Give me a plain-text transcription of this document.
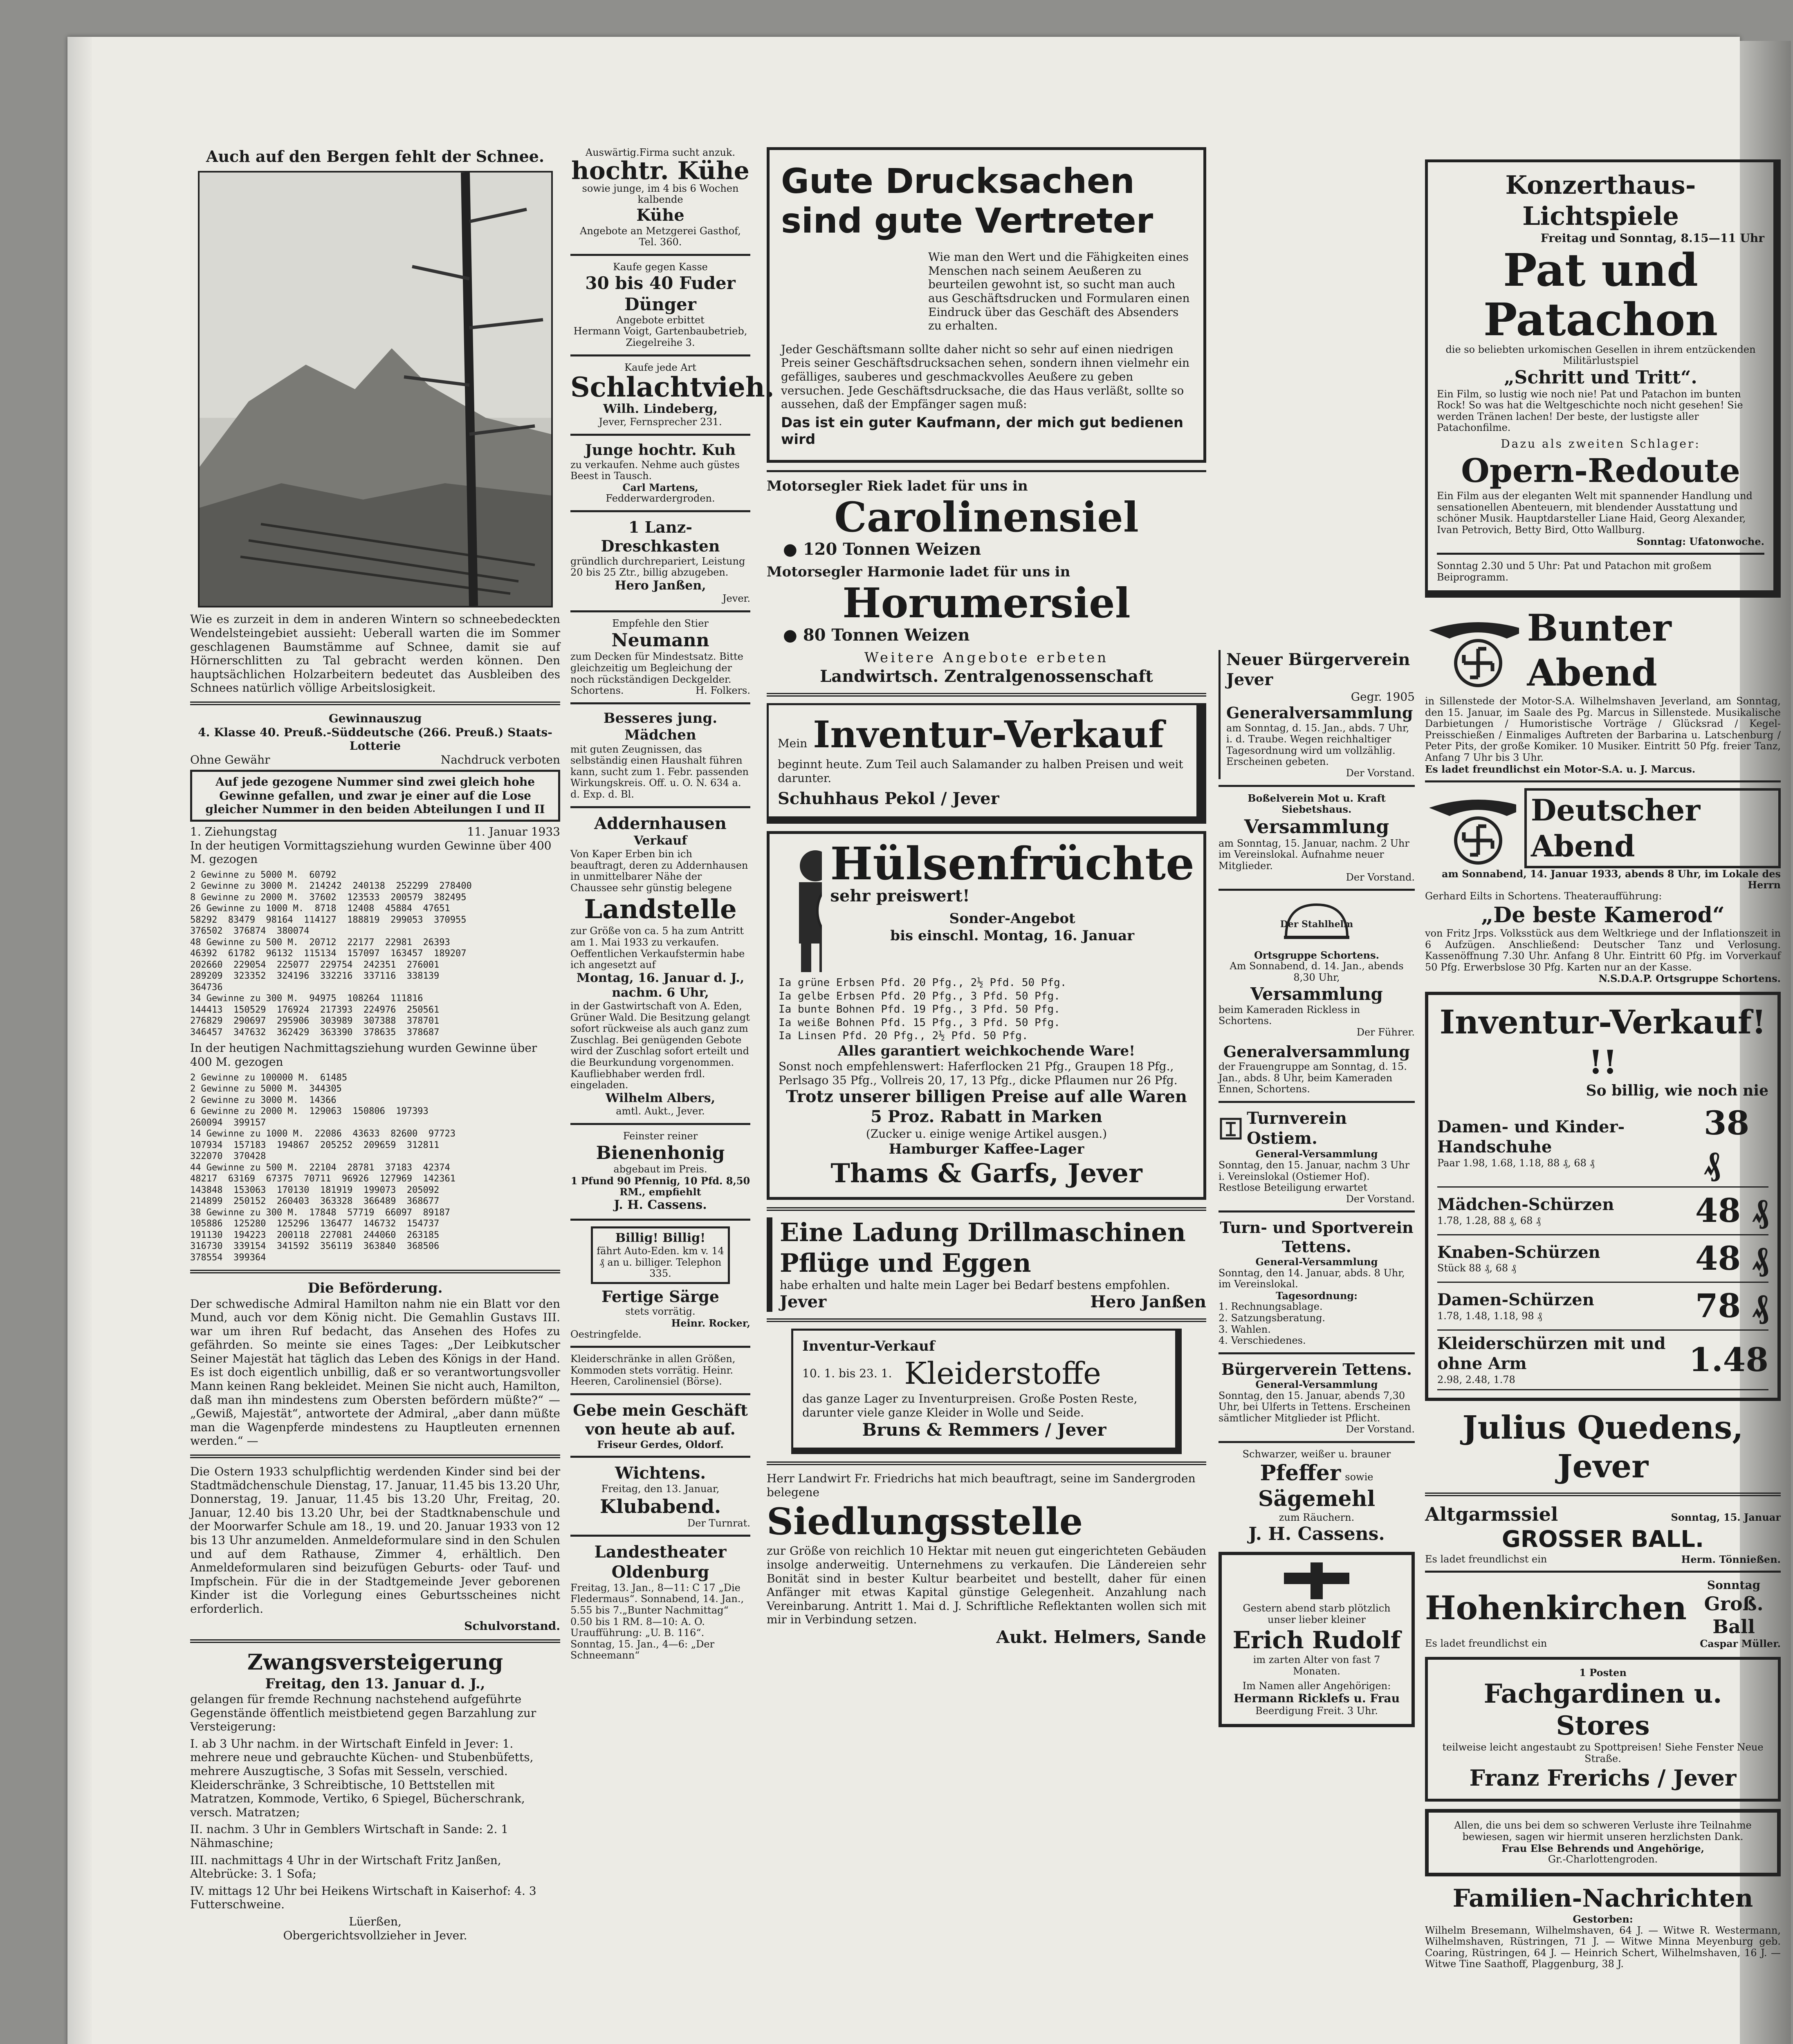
Auch auf den Bergen fehlt der Schnee.

Wie es zurzeit in dem in anderen Wintern so schneebedeckten Wendelsteingebiet aussieht: Ueberall warten die im Sommer geschlagenen Baumstämme auf Schnee, damit sie auf Hörnerschlitten zu Tal gebracht werden können. Den hauptsächlichen Holzarbeitern bedeutet das Ausbleiben des Schnees natürlich völlige Arbeitslosigkeit.

Gewinnauszug
4. Klasse 40. Preuß.-Süddeutsche (266. Preuß.) Staats-Lotterie
Ohne Gewähr	Nachdruck verboten
Auf jede gezogene Nummer sind zwei gleich hohe Gewinne gefallen, und zwar je einer auf die Lose gleicher Nummer in den beiden Abteilungen I und II
1. Ziehungstag	11. Januar 1933

In der heutigen Vormittagsziehung wurden Gewinne über 400 M. gezogen

2 Gewinne zu 5000 M.  60792
2 Gewinne zu 3000 M.  214242  240138  252299  278400
8 Gewinne zu 2000 M.  37602  123533  200579  382495
26 Gewinne zu 1000 M.  8718  12408  45884  47651
58292  83479  98164  114127  188819  299053  370955
376502  376874  380074
48 Gewinne zu 500 M.  20712  22177  22981  26393
46392  61782  96132  115134  157097  163457  189207
202660  229054  225077  229754  242351  276001
289209  323352  324196  332216  337116  338139
364736
34 Gewinne zu 300 M.  94975  108264  111816
144413  150529  176924  217393  224976  250561
276829  290697  295906  303989  307388  378701
346457  347632  362429  363390  378635  378687

In der heutigen Nachmittagsziehung wurden Gewinne über 400 M. gezogen

2 Gewinne zu 100000 M.  61485
2 Gewinne zu 5000 M.  344305
2 Gewinne zu 3000 M.  14366
6 Gewinne zu 2000 M.  129063  150806  197393
260094  399157
14 Gewinne zu 1000 M.  22086  43633  82600  97723
107934  157183  194867  205252  209659  312811
322070  370428
44 Gewinne zu 500 M.  22104  28781  37183  42374
48217  63169  67375  70711  96926  127969  142361
143848  153063  170130  181919  199073  205092
214899  250152  260403  363328  366489  368677
38 Gewinne zu 300 M.  17848  57719  66097  89187
105886  125280  125296  136477  146732  154737
191130  194223  200118  227081  244060  263185
316730  339154  341592  356119  363840  368506
378554  399364
Die Beförderung.

Der schwedische Admiral Hamilton nahm nie ein Blatt vor den Mund, auch vor dem König nicht. Die Gemahlin Gustavs III. war um ihren Ruf bedacht, das Ansehen des Hofes zu gefährden. So meinte sie eines Tages: „Der Leibkutscher Seiner Majestät hat täglich das Leben des Königs in der Hand. Es ist doch eigentlich unbillig, daß er so verantwortungsvoller Mann keinen Rang bekleidet. Meinen Sie nicht auch, Hamilton, daß man ihn mindestens zum Obersten befördern müßte?“ — „Gewiß, Majestät“, antwortete der Admiral, „aber dann müßte man die Wagenpferde mindestens zu Hauptleuten ernennen werden.“ —

Die Ostern 1933 schulpflichtig werdenden Kinder sind bei der Stadtmädchenschule Dienstag, 17. Januar, 11.45 bis 13.20 Uhr, Donnerstag, 19. Januar, 11.45 bis 13.20 Uhr, Freitag, 20. Januar, 12.40 bis 13.20 Uhr, bei der Stadtknabenschule und der Moorwarfer Schule am 18., 19. und 20. Januar 1933 von 12 bis 13 Uhr anzumelden. Anmeldeformulare sind in den Schulen und auf dem Rathause, Zimmer 4, erhältlich. Den Anmeldeformularen sind beizufügen Geburts- oder Tauf- und Impfschein. Für die in der Stadtgemeinde Jever geborenen Kinder ist die Vorlegung eines Geburtsscheines nicht erforderlich.

Schulvorstand.
Zwangsversteigerung
Freitag, den 13. Januar d. J.,

gelangen für fremde Rechnung nachstehend aufgeführte Gegenstände öffentlich meistbietend gegen Barzahlung zur Versteigerung:

I. ab 3 Uhr nachm. in der Wirtschaft Einfeld in Jever: 1. mehrere neue und gebrauchte Küchen- und Stubenbüfetts, mehrere Auszugtische, 3 Sofas mit Sesseln, verschied. Kleiderschränke, 3 Schreibtische, 10 Bettstellen mit Matratzen, Kommode, Vertiko, 6 Spiegel, Bücherschrank, versch. Matratzen;

II. nachm. 3 Uhr in Gemblers Wirtschaft in Sande: 2. 1 Nähmaschine;

III. nachmittags 4 Uhr in der Wirtschaft Fritz Janßen, Altebrücke: 3. 1 Sofa;

IV. mittags 12 Uhr bei Heikens Wirtschaft in Kaiserhof: 4. 3 Futterschweine.

Lüerßen,
Obergerichtsvollzieher in Jever.
Auswärtig.Firma sucht anzuk.
hochtr. Kühe
sowie junge, im 4 bis 6 Wochen kalbende
Kühe
Angebote an Metzgerei Gasthof, Tel. 360.
Kaufe gegen Kasse
30 bis 40 Fuder Dünger
Angebote erbittet
Hermann Voigt, Gartenbaubetrieb, Ziegelreihe 3.
Kaufe jede Art
Schlachtvieh.
Wilh. Lindeberg,
Jever, Fernsprecher 231.
Junge hochtr. Kuh
zu verkaufen. Nehme auch güstes Beest in Tausch.
Carl Martens,
Fedderwardergroden.
1 Lanz-Dreschkasten
gründlich durchrepariert, Leistung 20 bis 25 Ztr., billig abzugeben.
Hero Janßen,
Jever.
Empfehle den Stier
Neumann
zum Decken für Mindestsatz. Bitte gleichzeitig um Begleichung der noch rückständigen Deckgelder.
Schortens.	H. Folkers.
Besseres jung. Mädchen
mit guten Zeugnissen, das selbständig einen Haushalt führen kann, sucht zum 1. Febr. passenden Wirkungskreis. Off. u. O. N. 634 a. d. Exp. d. Bl.
Addernhausen
Verkauf
Von Kaper Erben bin ich beauftragt, deren zu Addernhausen in unmittelbarer Nähe der Chaussee sehr günstig belegene
Landstelle
zur Größe von ca. 5 ha zum Antritt am 1. Mai 1933 zu verkaufen. Oeffentlichen Verkaufstermin habe ich angesetzt auf
Montag, 16. Januar d. J., nachm. 6 Uhr,
in der Gastwirtschaft von A. Eden, Grüner Wald. Die Besitzung gelangt sofort rückweise als auch ganz zum Zuschlag. Bei genügenden Gebote wird der Zuschlag sofort erteilt und die Beurkundung vorgenommen. Kaufliebhaber werden frdl. eingeladen.
Wilhelm Albers,
amtl. Aukt., Jever.
Feinster reiner
Bienenhonig
abgebaut im Preis.
1 Pfund 90 Pfennig, 10 Pfd. 8,50 RM., empfiehlt
J. H. Cassens.
Billig! Billig!
fährt Auto-Eden. km v. 14 ₰ an u. billiger. Telephon 335.
Fertige Särge
stets vorrätig.
Heinr. Rocker,
Oestringfelde.
Kleiderschränke in allen Größen, Kommoden stets vorrätig. Heinr. Heeren, Carolinensiel (Börse).
Gebe mein Geschäft von heute ab auf.
Friseur Gerdes, Oldorf.
Wichtens.
Freitag, den 13. Januar,
Klubabend.
Der Turnrat.
Landestheater Oldenburg
Freitag, 13. Jan., 8—11: C 17 „Die Fledermaus“. Sonnabend, 14. Jan., 5.55 bis 7.„Bunter Nachmittag“ 0.50 bis 1 RM. 8—10: A. O. Uraufführung: „U. B. 116“. Sonntag, 15. Jan., 4—6: „Der Schneemann“
Gute Drucksachen sind gute Vertreter

Wie man den Wert und die Fähigkeiten eines Menschen nach seinem Aeußeren zu beurteilen gewohnt ist, so sucht man auch aus Geschäftsdrucken und Formularen einen Eindruck über das Geschäft des Absenders zu erhalten.

Jeder Geschäftsmann sollte daher nicht so sehr auf einen niedrigen Preis seiner Geschäftsdrucksachen sehen, sondern ihnen vielmehr ein gefälliges, sauberes und geschmackvolles Aeußere zu geben versuchen. Jede Geschäftsdrucksache, die das Haus verläßt, sollte so aussehen, daß der Empfänger sagen muß:

Das ist ein guter Kaufmann, der mich gut bedienen wird
Motorsegler Riek ladet für uns in
Carolinensiel
● 120 Tonnen Weizen
Motorsegler Harmonie ladet für uns in
Horumersiel
● 80 Tonnen Weizen
Weitere Angebote erbeten
Landwirtsch. Zentralgenossenschaft
Mein Inventur-Verkauf
beginnt heute. Zum Teil auch Salamander zu halben Preisen und weit darunter.
Schuhhaus Pekol / Jever
Hülsenfrüchte
sehr preiswert!
Sonder-Angebot
bis einschl. Montag, 16. Januar
Ia grüne Erbsen Pfd. 20 Pfg., 2½ Pfd. 50 Pfg.
Ia gelbe Erbsen Pfd. 20 Pfg., 3 Pfd. 50 Pfg.
Ia bunte Bohnen Pfd. 19 Pfg., 3 Pfd. 50 Pfg.
Ia weiße Bohnen Pfd. 15 Pfg., 3 Pfd. 50 Pfg.
Ia Linsen Pfd. 20 Pfg., 2½ Pfd. 50 Pfg.
Alles garantiert weichkochende Ware!
Sonst noch empfehlenswert: Haferflocken 21 Pfg., Graupen 18 Pfg., Perlsago 35 Pfg., Vollreis 20, 17, 13 Pfg., dicke Pflaumen nur 26 Pfg.
Trotz unserer billigen Preise auf alle Waren 5 Proz. Rabatt in Marken
(Zucker u. einige wenige Artikel ausgen.)
Hamburger Kaffee-Lager
Thams & Garfs, Jever
Eine Ladung Drillmaschinen Pflüge und Eggen
habe erhalten und halte mein Lager bei Bedarf bestens empfohlen.
Jever	Hero Janßen
Inventur-Verkauf
10. 1. bis 23. 1. Kleiderstoffe
das ganze Lager zu Inventurpreisen. Große Posten Reste, darunter viele ganze Kleider in Wolle und Seide.
Bruns & Remmers / Jever
Herr Landwirt Fr. Friedrichs hat mich beauftragt, seine im Sandergroden belegene
Siedlungsstelle
zur Größe von reichlich 10 Hektar mit neuen gut eingerichteten Gebäuden insolge anderweitig. Unternehmens zu verkaufen. Die Ländereien sehr Bonität sind in bester Kultur bearbeitet und bestellt, daher für einen Anfänger mit etwas Kapital günstige Gelegenheit. Anzahlung nach Vereinbarung. Antritt 1. Mai d. J. Schriftliche Reflektanten wollen sich mit mir in Verbindung setzen.
Aukt. Helmers, Sande
Neuer Bürgerverein Jever
Gegr. 1905
Generalversammlung
am Sonntag, d. 15. Jan., abds. 7 Uhr, i. d. Traube. Wegen reichhaltiger Tagesordnung wird um vollzählig. Erscheinen gebeten.
Der Vorstand.
Boßelverein Mot u. Kraft Siebetshaus.
Versammlung
am Sonntag, 15. Januar, nachm. 2 Uhr im Vereinslokal. Aufnahme neuer Mitglieder.
Der Vorstand.
Der Stahlhelm
Ortsgruppe Schortens.
Am Sonnabend, d. 14. Jan., abends 8,30 Uhr,
Versammlung
beim Kameraden Rickless in Schortens.
Der Führer.
Generalversammlung
der Frauengruppe am Sonntag, d. 15. Jan., abds. 8 Uhr, beim Kameraden Ennen, Schortens.
Turnverein Ostiem.
General-Versammlung
Sonntag, den 15. Januar, nachm 3 Uhr i. Vereinslokal (Ostiemer Hof). Restlose Beteiligung erwartet
Der Vorstand.
Turn- und Sportverein Tettens.
General-Versammlung
Sonntag, den 14. Januar, abds. 8 Uhr, im Vereinslokal.
Tagesordnung:
1. Rechnungsablage.
2. Satzungsberatung.
3. Wahlen.
4. Verschiedenes.
Bürgerverein Tettens.
General-Versammlung
Sonntag, den 15. Januar, abends 7,30 Uhr, bei Ulferts in Tettens. Erscheinen sämtlicher Mitglieder ist Pflicht.
Der Vorstand.
Schwarzer, weißer u. brauner
Pfeffer sowie
Sägemehl
zum Räuchern.
J. H. Cassens.
Gestern abend starb plötzlich unser lieber kleiner
Erich Rudolf
im zarten Alter von fast 7 Monaten.
Im Namen aller Angehörigen:
Hermann Ricklefs u. Frau
Beerdigung Freit. 3 Uhr.
Konzerthaus-Lichtspiele
Freitag und Sonntag, 8.15—11 Uhr
Pat und Patachon
die so beliebten urkomischen Gesellen in ihrem entzückenden Militärlustspiel
„Schritt und Tritt“.
Ein Film, so lustig wie noch nie! Pat und Patachon im bunten Rock! So was hat die Weltgeschichte noch nicht gesehen! Sie werden Tränen lachen! Der beste, der lustigste aller Patachonfilme.
Dazu als zweiten Schlager:
Opern-Redoute
Ein Film aus der eleganten Welt mit spannender Handlung und sensationellen Abenteuern, mit blendender Ausstattung und schöner Musik. Hauptdarsteller Liane Haid, Georg Alexander, Ivan Petrovich, Betty Bird, Otto Wallburg.
Sonntag: Ufatonwoche.
Sonntag 2.30 und 5 Uhr: Pat und Patachon mit großem Beiprogramm.
Bunter Abend
in Sillenstede der Motor-S.A. Wilhelmshaven Jeverland, am Sonntag, den 15. Januar, im Saale des Pg. Marcus in Sillenstede. Musikalische Darbietungen / Humoristische Vorträge / Glücksrad / Kegel-Preisschießen / Einmaliges Auftreten der Barbarina u. Latschenburg / Peter Pits, der große Komiker. 10 Musiker. Eintritt 50 Pfg. freier Tanz, Anfang 7 Uhr bis 3 Uhr.
Es ladet freundlichst ein Motor-S.A. u. J. Marcus.
Deutscher Abend
am Sonnabend, 14. Januar 1933, abends 8 Uhr, im Lokale des Herrn
Gerhard Eilts in Schortens. Theateraufführung:
„De beste Kamerod“
von Fritz Jrps. Volksstück aus dem Weltkriege und der Inflationszeit in 6 Aufzügen. Anschließend: Deutscher Tanz und Verlosung. Kassenöffnung 7.30 Uhr. Anfang 8 Uhr. Eintritt 60 Pfg. im Vorverkauf 50 Pfg. Erwerbslose 30 Pfg. Karten nur an der Kasse.
N.S.D.A.P. Ortsgruppe Schortens.
Inventur-Verkauf! !!
So billig, wie noch nie
Damen- und Kinder-Handschuhe
Paar 1.98, 1.68, 1.18, 88 ₰, 68 ₰
38 ₰
Mädchen-Schürzen
1.78, 1.28, 88 ₰, 68 ₰	48 ₰
Knaben-Schürzen
Stück 88 ₰, 68 ₰	48 ₰
Damen-Schürzen
1.78, 1.48, 1.18, 98 ₰	78 ₰
Kleiderschürzen mit und ohne Arm
2.98, 2.48, 1.78
1.48
Julius Quedens, Jever
Altgarmssiel	Sonntag, 15. Januar
GROSSER BALL.
Es ladet freundlichst ein	Herm. Tönnießen.
Hohenkirchen
Sonntag
Groß. Ball
Es ladet freundlichst ein	Caspar Müller.
1 Posten
Fachgardinen u. Stores
teilweise leicht angestaubt zu Spottpreisen! Siehe Fenster Neue Straße.
Franz Frerichs / Jever
Allen, die uns bei dem so schweren Verluste ihre Teilnahme bewiesen, sagen wir hiermit unseren herzlichsten Dank.
Frau Else Behrends und Angehörige,
Gr.-Charlottengroden.
Familien-Nachrichten
Gestorben:
Wilhelm Bresemann, Wilhelmshaven, 64 J. — Witwe R. Westermann, Wilhelmshaven, Rüstringen, 71 J. — Witwe Minna Meyenburg geb. Coaring, Rüstringen, 64 J. — Heinrich Schert, Wilhelmshaven, 16 J. — Witwe Tine Saathoff, Plaggenburg, 38 J.
